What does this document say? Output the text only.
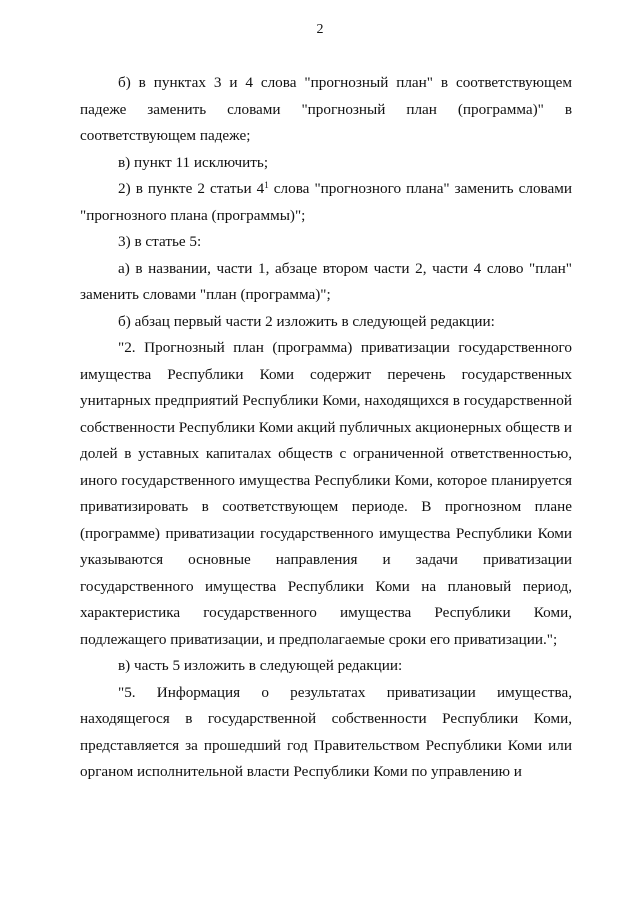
2

б) в пунктах 3 и 4 слова "прогнозный план" в соответствующем падеже заменить словами "прогнозный план (программа)" в соответствующем падеже;

в) пункт 11 исключить;

2) в пункте 2 статьи $4^1$ слова "прогнозного плана" заменить словами "прогнозного плана (программы)";

3) в статье 5:

а) в названии, части 1, абзаце втором части 2, части 4 слово "план" заменить словами "план (программа)";

б) абзац первый части 2 изложить в следующей редакции:

"2. Прогнозный план (программа) приватизации государственного имущества Республики Коми содержит перечень государственных унитарных предприятий Республики Коми, находящихся в государственной собственности Республики Коми акций публичных акционерных обществ и долей в уставных капиталах обществ с ограниченной ответственностью, иного государственного имущества Республики Коми, которое планируется приватизировать в соответствующем периоде. В прогнозном плане (программе) приватизации государственного имущества Республики Коми указываются основные направления и задачи приватизации государственного имущества Республики Коми на плановый период, характеристика государственного имущества Республики Коми, подлежащего приватизации, и предполагаемые сроки его приватизации.";

в) часть 5 изложить в следующей редакции:

"5. Информация о результатах приватизации имущества, находящегося в государственной собственности Республики Коми, представляется за прошедший год Правительством Республики Коми или органом исполнительной власти Республики Коми по управлению и
